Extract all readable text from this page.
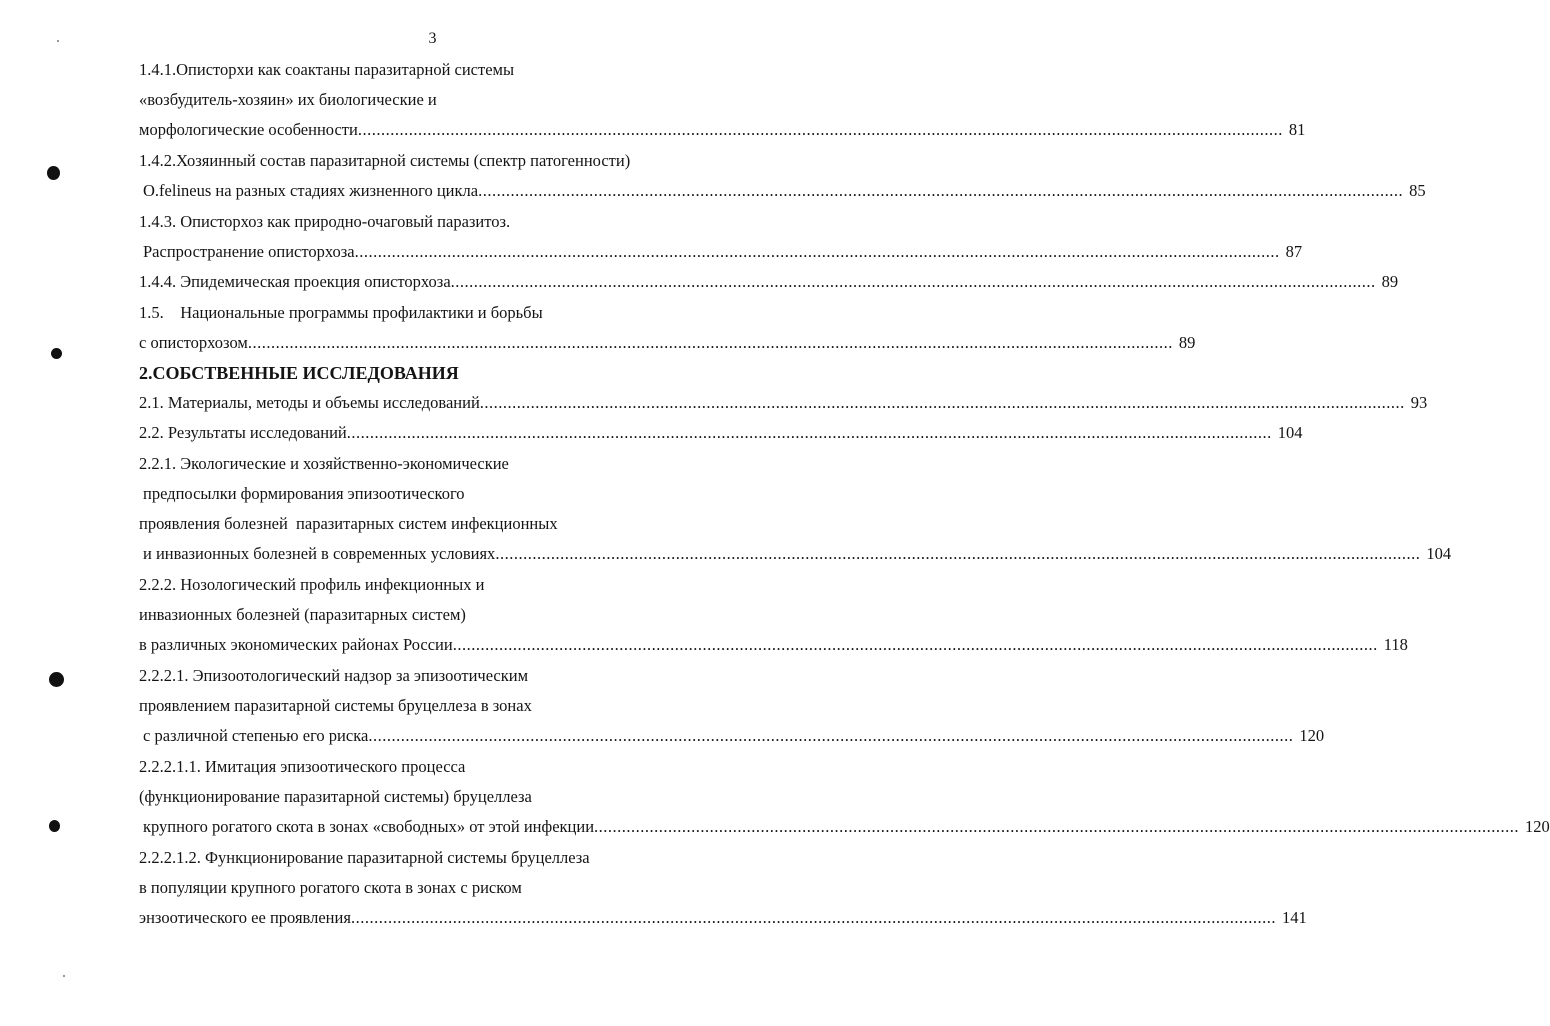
3
1.4.1.Описторхи как соактаны паразитарной системы
«возбудитель-хозяин» их биологические и
морфологические особенности ........................................................................................................................................................................................................ 81
1.4.2.Хозяинный состав паразитарной системы (спектр патогенности)
O.felineus на разных стадиях жизненного цикла ........................................................................................................................................................................................................ 85
1.4.3. Описторхоз как природно-очаговый паразитоз.
Распространение описторхоза ........................................................................................................................................................................................................ 87
1.4.4. Эпидемическая проекция описторхоза ........................................................................................................................................................................................................ 89
1.5.    Национальные программы профилактики и борьбы
с описторхозом ........................................................................................................................................................................................................ 89
2.СОБСТВЕННЫЕ ИССЛЕДОВАНИЯ
2.1. Материалы, методы и объемы исследований ........................................................................................................................................................................................................ 93
2.2. Результаты исследований ........................................................................................................................................................................................................ 104
2.2.1. Экологические и хозяйственно-экономические
предпосылки формирования эпизоотического
проявления болезней  паразитарных систем инфекционных
и инвазионных болезней в современных условиях ........................................................................................................................................................................................................ 104
2.2.2. Нозологический профиль инфекционных и
инвазионных болезней (паразитарных систем)
в различных экономических районах России ........................................................................................................................................................................................................ 118
2.2.2.1. Эпизоотологический надзор за эпизоотическим
проявлением паразитарной системы бруцеллеза в зонах
с различной степенью его риска ........................................................................................................................................................................................................ 120
2.2.2.1.1. Имитация эпизоотического процесса
(функционирование паразитарной системы) бруцеллеза
крупного рогатого скота в зонах «свободных» от этой инфекции ........................................................................................................................................................................................................ 120
2.2.2.1.2. Функционирование паразитарной системы бруцеллеза
в популяции крупного рогатого скота в зонах с риском
энзоотического ее проявления ........................................................................................................................................................................................................ 141
